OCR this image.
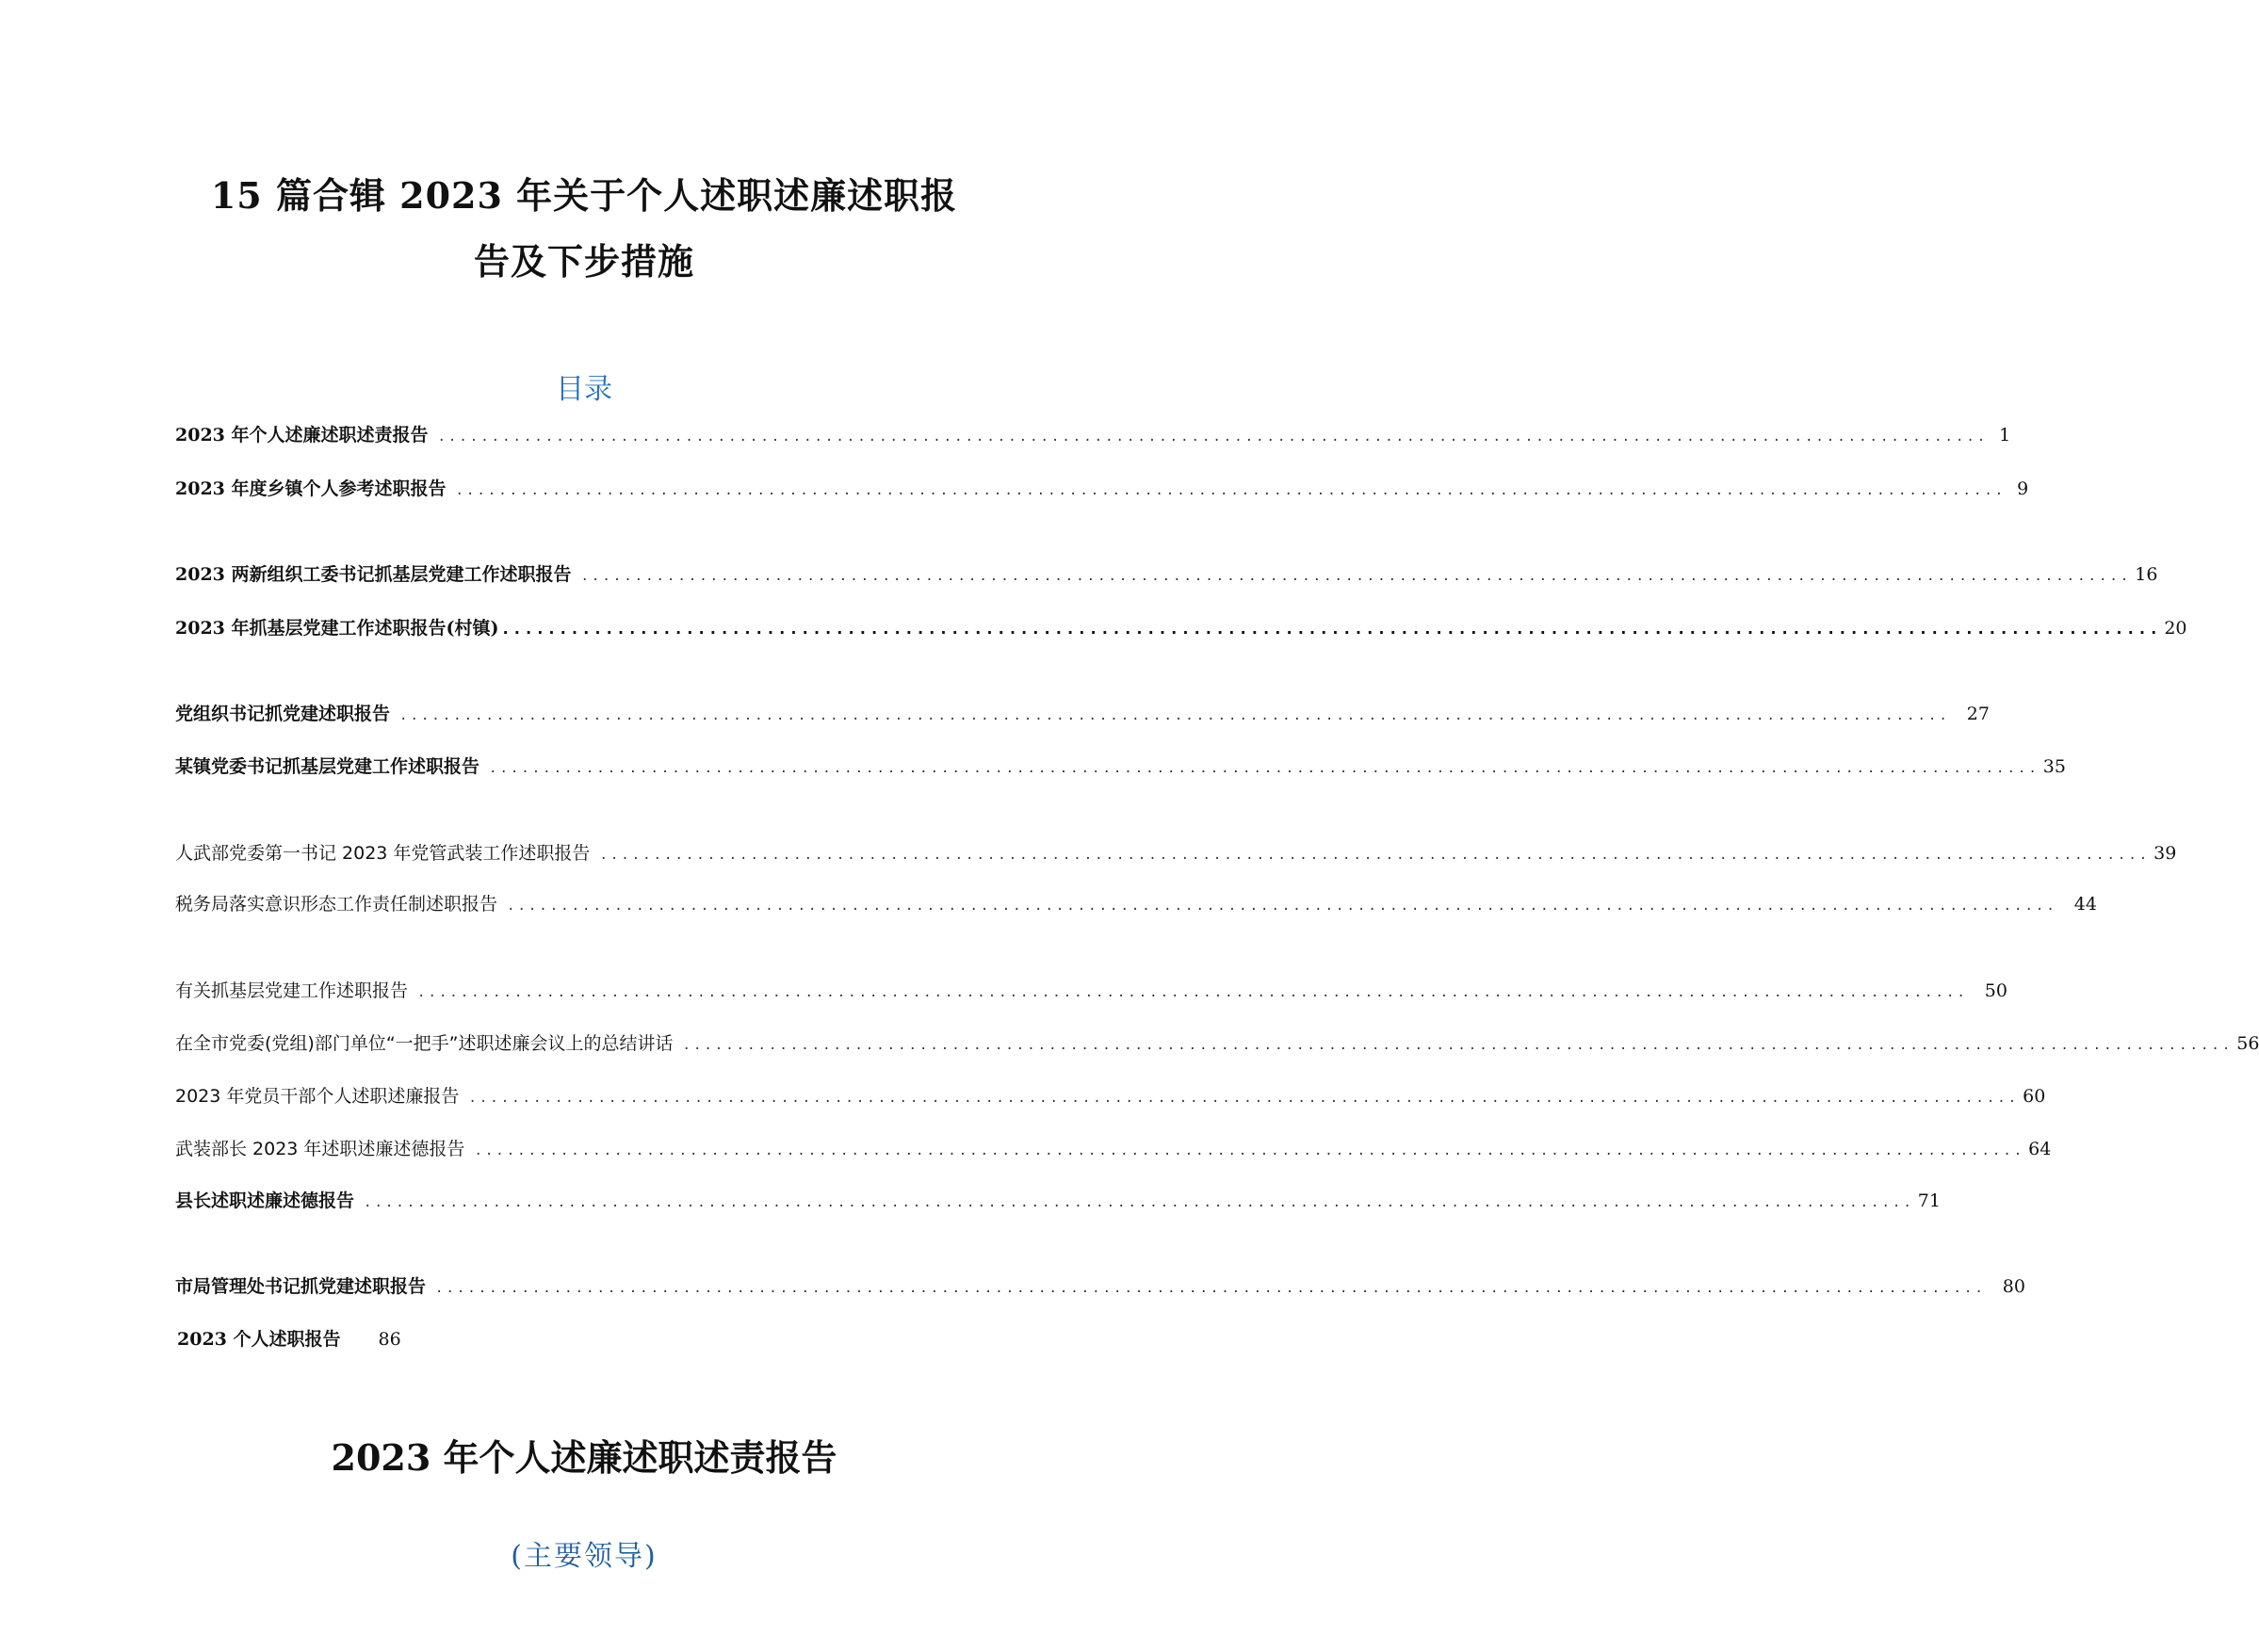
15 篇合辑 2023 年关于个人述职述廉述职报
告及下步措施
目录
2023 年个人述廉述职述责报告 ................................................................................................................................................ 1
2023 年度乡镇个人参考述职报告 ................................................................................................................................................ 9
2023 两新组织工委书记抓基层党建工作述职报告 ................................................................................................................................................ 16
2023 年抓基层党建工作述职报告(村镇) ................................................................................................................................................ 20
党组织书记抓党建述职报告 ................................................................................................................................................ 27
某镇党委书记抓基层党建工作述职报告 ................................................................................................................................................ 35
人武部党委第一书记 2023 年党管武装工作述职报告 ................................................................................................................................................ 39
税务局落实意识形态工作责任制述职报告 ................................................................................................................................................ 44
有关抓基层党建工作述职报告 ................................................................................................................................................ 50
在全市党委(党组)部门单位“一把手”述职述廉会议上的总结讲话 ................................................................................................................................................ 56
2023 年党员干部个人述职述廉报告 ................................................................................................................................................ 60
武装部长 2023 年述职述廉述德报告 ................................................................................................................................................ 64
县长述职述廉述德报告 ................................................................................................................................................ 71
市局管理处书记抓党建述职报告 ................................................................................................................................................ 80
2023 个人述职报告 86
2023 年个人述廉述职述责报告
(主要领导)
